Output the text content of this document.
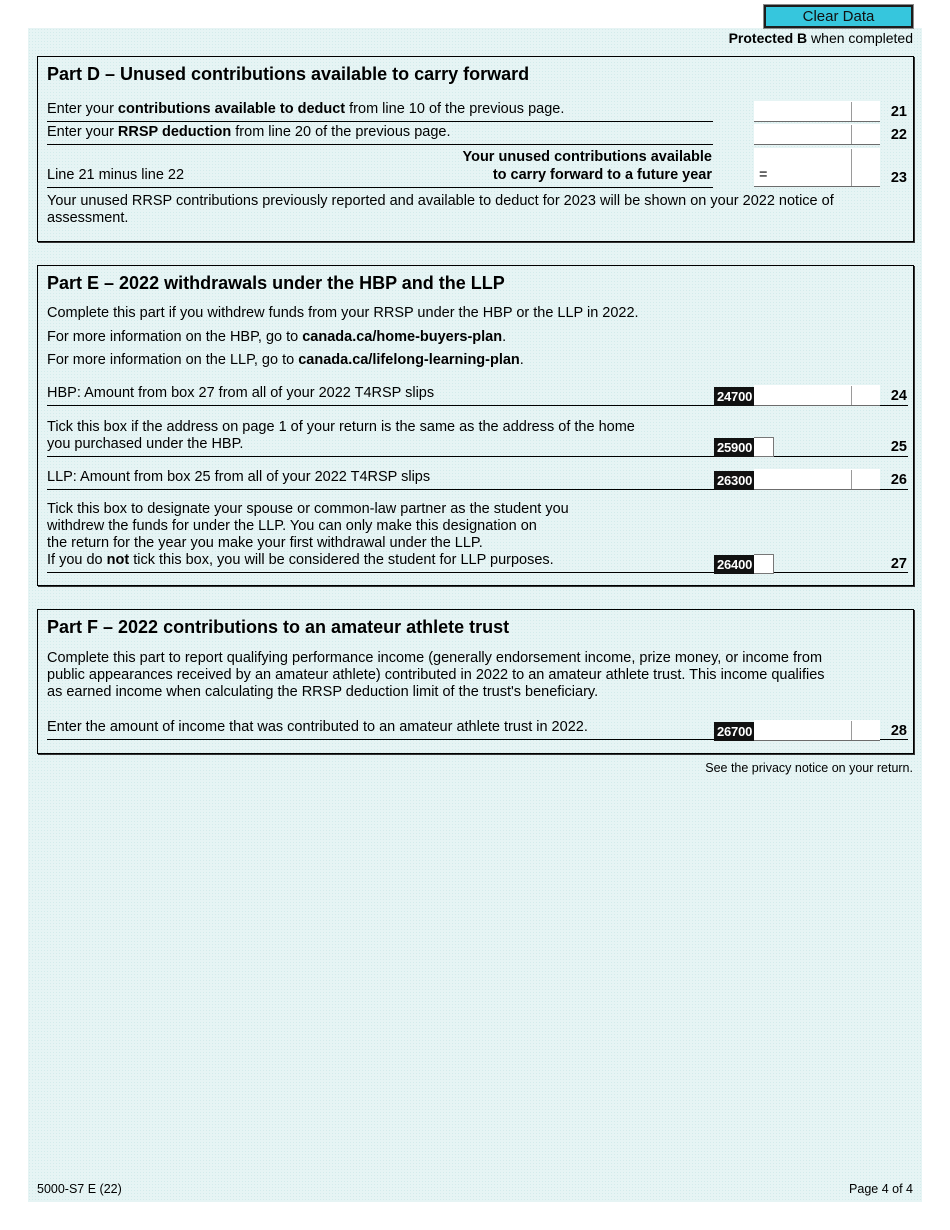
Clear Data
Protected B when completed
Part D – Unused contributions available to carry forward
Enter your contributions available to deduct from line 10 of the previous page.	21
Enter your RRSP deduction from line 20 of the previous page.	22
Line 21 minus line 22
Your unused contributions available
to carry forward to a future year	=	23
Your unused RRSP contributions previously reported and available to deduct for 2023 will be shown on your 2022 notice of assessment.
Part E – 2022 withdrawals under the HBP and the LLP
Complete this part if you withdrew funds from your RRSP under the HBP or the LLP in 2022.
For more information on the HBP, go to canada.ca/home-buyers-plan.
For more information on the LLP, go to canada.ca/lifelong-learning-plan.
HBP: Amount from box 27 from all of your 2022 T4RSP slips	24700	24
Tick this box if the address on page 1 of your return is the same as the address of the home
you purchased under the HBP.	25900	25
LLP: Amount from box 25 from all of your 2022 T4RSP slips	26300	26
Tick this box to designate your spouse or common-law partner as the student you
withdrew the funds for under the LLP. You can only make this designation on
the return for the year you make your first withdrawal under the LLP.
If you do not tick this box, you will be considered the student for LLP purposes.	26400	27
Part F – 2022 contributions to an amateur athlete trust
Complete this part to report qualifying performance income (generally endorsement income, prize money, or income from
public appearances received by an amateur athlete) contributed in 2022 to an amateur athlete trust. This income qualifies
as earned income when calculating the RRSP deduction limit of the trust's beneficiary.
Enter the amount of income that was contributed to an amateur athlete trust in 2022.	26700	28
See the privacy notice on your return.
5000-S7 E (22)	Page 4 of 4
